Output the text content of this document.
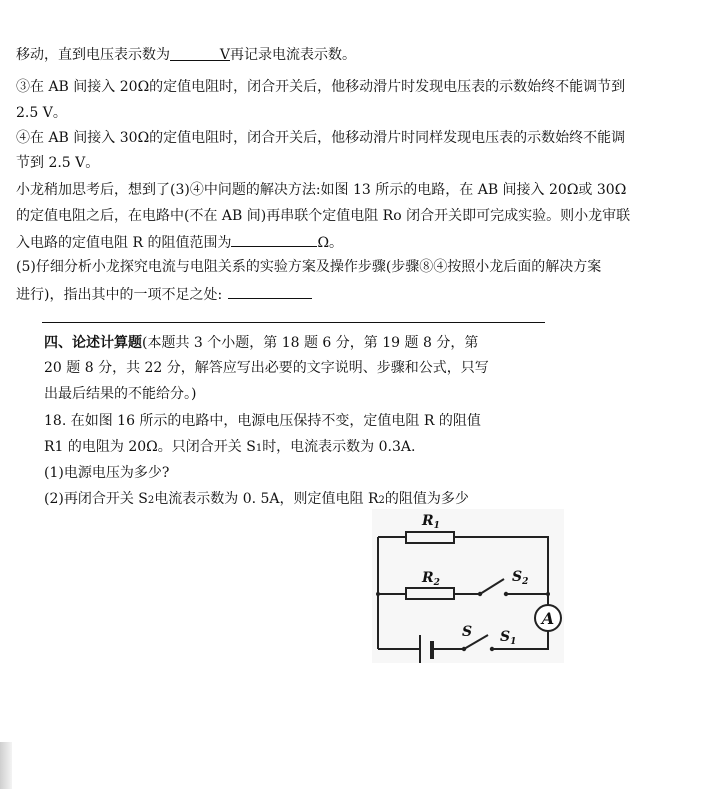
移动，直到电压表示数为	V再记录电流表示数。
③在 AB 间接入 20Ω的定值电阻时，闭合开关后，他移动滑片时发现电压表的示数始终不能调节到
2.5 V。
④在 AB 间接入 30Ω的定值电阻时，闭合开关后，他移动滑片时同样发现电压表的示数始终不能调
节到 2.5 V。
小龙稍加思考后，想到了(3)④中问题的解决方法:如图 13 所示的电路，在 AB 间接入 20Ω或 30Ω
的定值电阻之后，在电路中(不在 AB 间)再串联个定值电阻 Ro 闭合开关即可完成实验。则小龙审联
入电路的定值电阻 R 的阻值范围为	Ω。
(5)仔细分析小龙探究电流与电阻关系的实验方案及操作步骤(步骤⑧④按照小龙后面的解决方案
进行)，指出其中的一项不足之处:
四、论述计算题(本题共 3 个小题，第 18 题 6 分，第 19 题 8 分，第
20 题 8 分，共 22 分，解答应写出必要的文字说明、步骤和公式，只写
出最后结果的不能给分。)
18. 在如图 16 所示的电路中，电源电压保持不变，定值电阻 R 的阻值
R1 的电阻为 20Ω。只闭合开关 S1时，电流表示数为 0.3A.
(1)电源电压为多少?
(2)再闭合开关 S2电流表示数为 0. 5A，则定值电阻 R2的阻值为多少
A
$R_1$
$R_2$	$S_2$
S $S_1$
